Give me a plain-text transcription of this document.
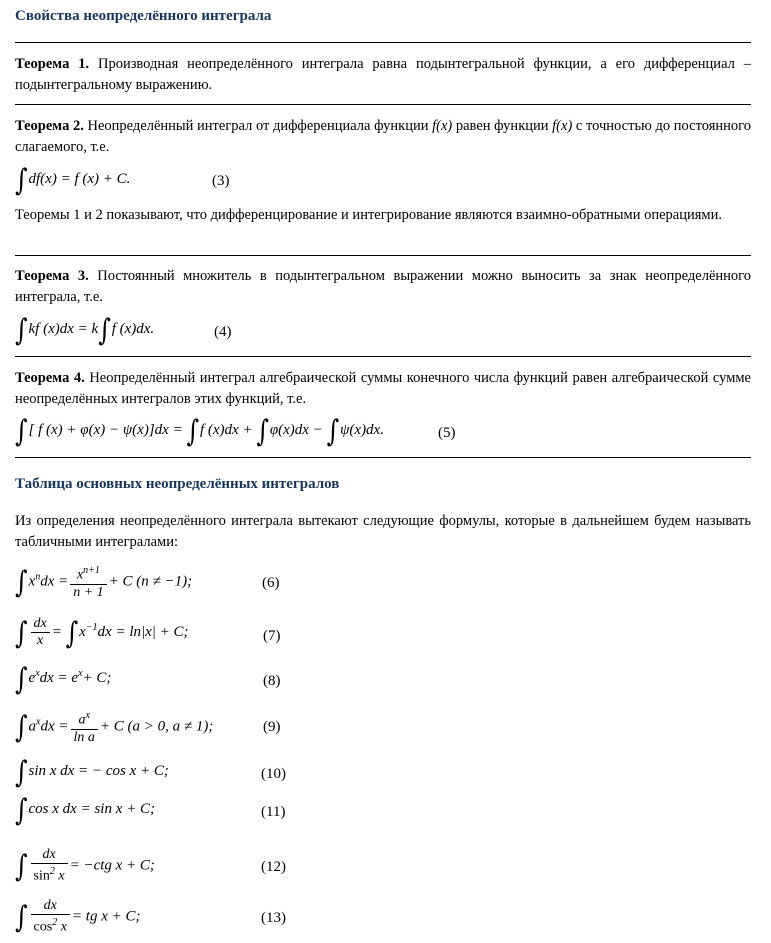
Свойства неопределённого интеграла
Теорема 1. Производная неопределённого интеграла равна подынтегральной функции, а его дифференциал – подынтегральному выражению.
Теорема 2. Неопределённый интеграл от дифференциала функции f(x) равен функции f(x) с точностью до постоянного слагаемого, т.е.
∫df(x) = f (x) + C.	(3)
Теоремы 1 и 2 показывают, что дифференцирование и интегрирование являются взаимно-обратными операциями.
Теорема 3. Постоянный множитель в подынтегральном выражении можно выносить за знак неопределённого интеграла, т.е.
∫kf (x)dx = k∫f (x)dx.	(4)
Теорема 4. Неопределённый интеграл алгебраической суммы конечного числа функций равен алгебраической сумме неопределённых интегралов этих функций, т.е.
∫[ f (x) + φ(x) − ψ(x)]dx = ∫f (x)dx + ∫φ(x)dx − ∫ψ(x)dx.	(5)
Таблица основных неопределённых интегралов
Из определения неопределённого интеграла вытекают следующие формулы, которые в дальнейшем будем называть табличными интегралами:
$\int x^ndx = \frac{x^{n+1}}{n + 1} + C$ (n ≠ −1);	(6)
∫ $\frac{dx}{x} = \int x^{-1}dx = \ln|x| + C$;	(7)
$\int e^xdx = e^x+ C$;	(8)
$\int a^xdx = \frac{a^x}{\text{ln a}} + C$ (a > 0, a ≠ 1);	(9)
∫sin x dx = − cos x + C;	(10)
∫cos x dx = sin x + C;	(11)
∫ $\frac{dx}{\sin^2 x} = -ctg$ x + C;	(12)
∫ $\frac{dx}{\cos^2 x}$ = tg x + C;	(13)
